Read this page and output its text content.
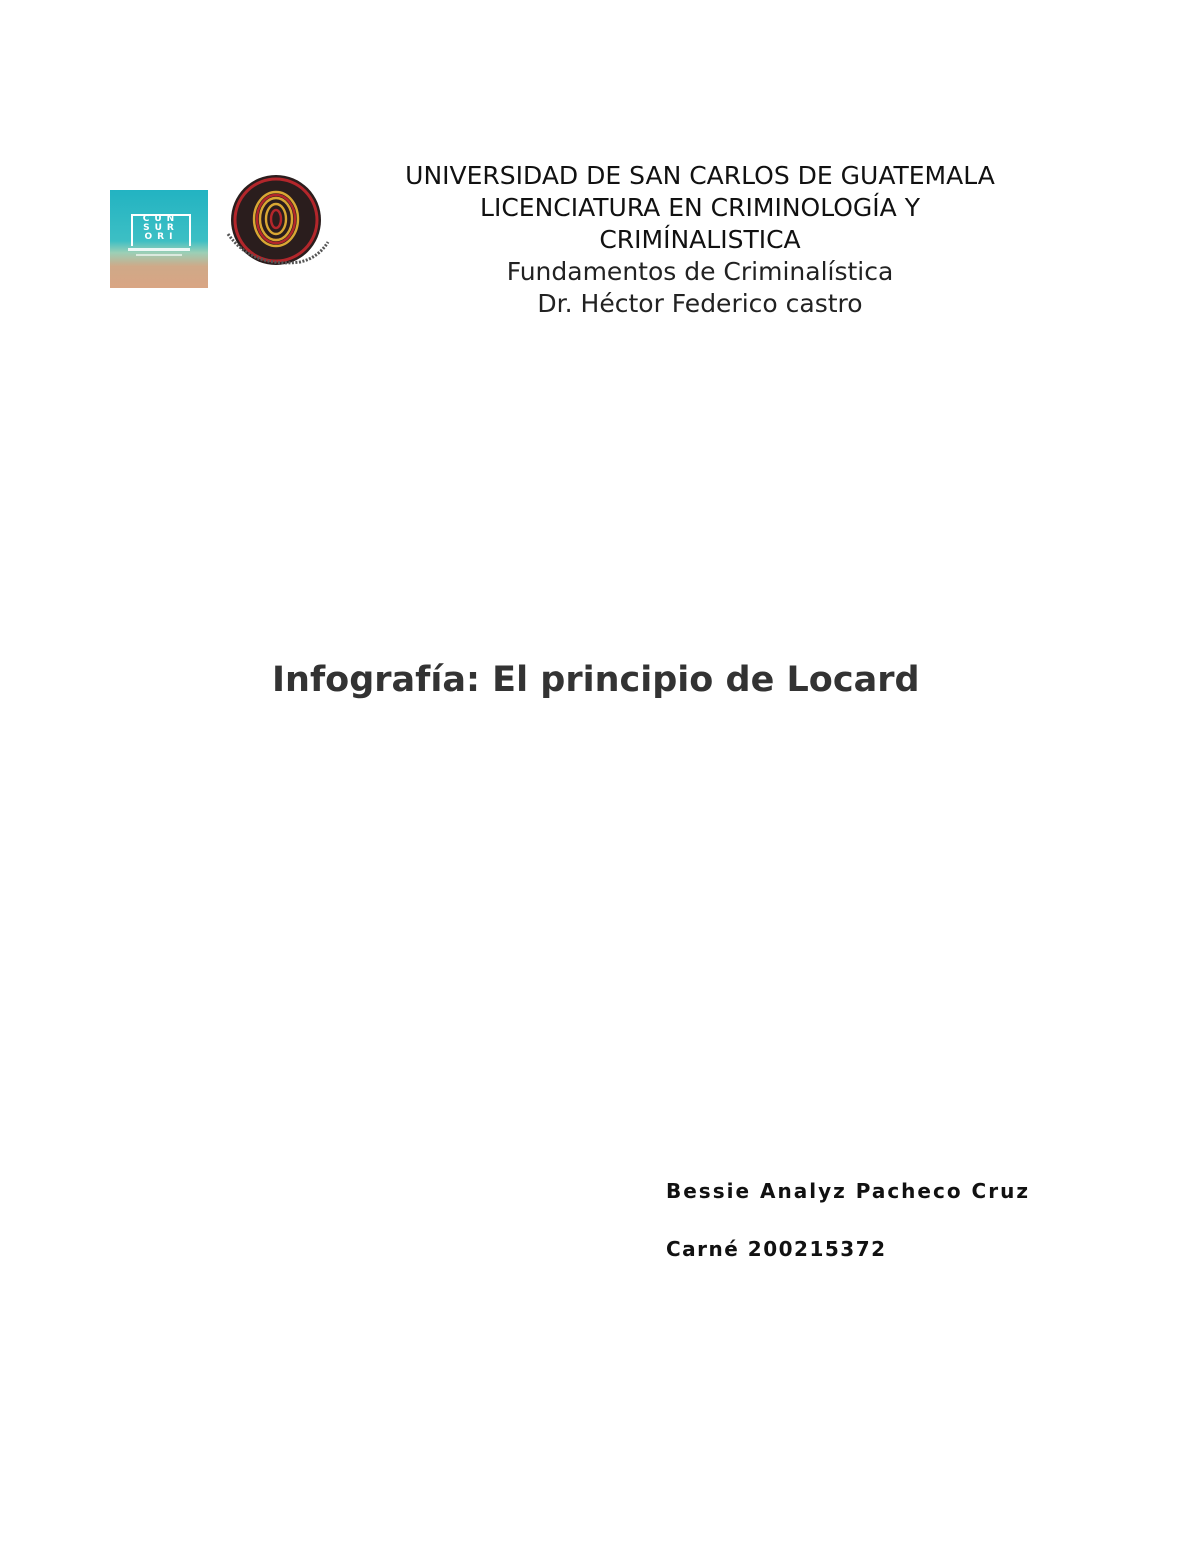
CUN
SUR
ORI
UNIVERSIDAD DE SAN CARLOS DE GUATEMALA
LICENCIATURA EN CRIMINOLOGÍA Y
CRIMÍNALISTICA
Fundamentos de Criminalística
Dr. Héctor Federico castro
Infografía: El principio de Locard
Bessie Analyz Pacheco Cruz
Carné 200215372
